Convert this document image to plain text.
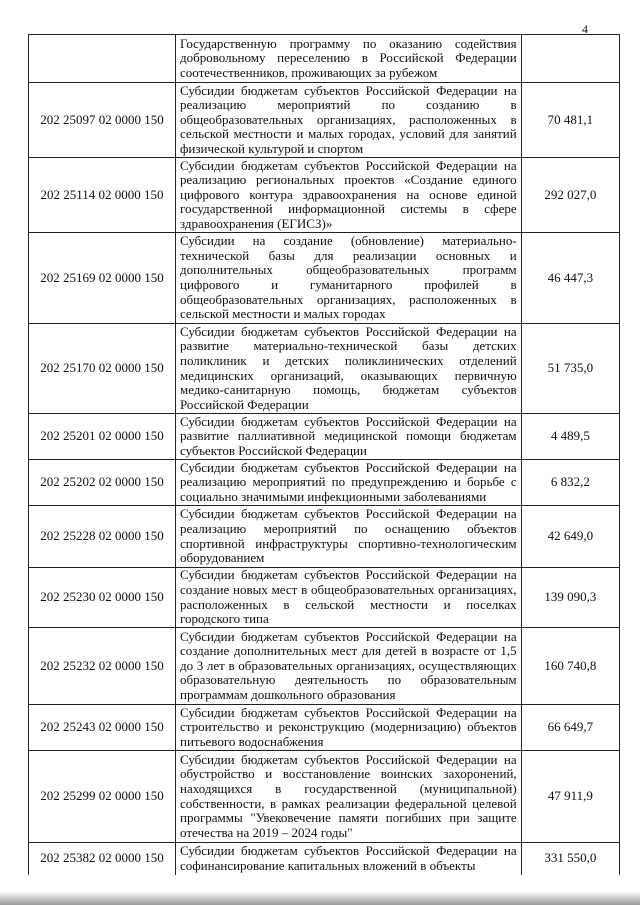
4
	Государственную программу по оказанию содействия добровольному переселению в Российской Федерации соотечественников, проживающих за рубежом	
202 25097 02 0000 150	Субсидии бюджетам субъектов Российской Федерации на реализацию мероприятий по созданию в общеобразовательных организациях, расположенных в сельской местности и малых городах, условий для занятий физической культурой и спортом	70 481,1
202 25114 02 0000 150	Субсидии бюджетам субъектов Российской Федерации на реализацию региональных проектов «Создание единого цифрового контура здравоохранения на основе единой государственной информационной системы в сфере здравоохранения (ЕГИСЗ)»	292 027,0
202 25169 02 0000 150	Субсидии на создание (обновление) материально-технической базы для реализации основных и дополнительных общеобразовательных программ цифрового и гуманитарного профилей в общеобразовательных организациях, расположенных в сельской местности и малых городах	46 447,3
202 25170 02 0000 150	Субсидии бюджетам субъектов Российской Федерации на развитие материально-технической базы детских поликлиник и детских поликлинических отделений медицинских организаций, оказывающих первичную медико-санитарную помощь, бюджетам субъектов Российской Федерации	51 735,0
202 25201 02 0000 150	Субсидии бюджетам субъектов Российской Федерации на развитие паллиативной медицинской помощи бюджетам субъектов Российской Федерации	4 489,5
202 25202 02 0000 150	Субсидии бюджетам субъектов Российской Федерации на реализацию мероприятий по предупреждению и борьбе с социально значимыми инфекционными заболеваниями	6 832,2
202 25228 02 0000 150	Субсидии бюджетам субъектов Российской Федерации на реализацию мероприятий по оснащению объектов спортивной инфраструктуры спортивно-технологическим оборудованием	42 649,0
202 25230 02 0000 150	Субсидии бюджетам субъектов Российской Федерации на создание новых мест в общеобразовательных организациях, расположенных в сельской местности и поселках городского типа	139 090,3
202 25232 02 0000 150	Субсидии бюджетам субъектов Российской Федерации на создание дополнительных мест для детей в возрасте от 1,5 до 3 лет в образовательных организациях, осуществляющих образовательную деятельность по образовательным программам дошкольного образования	160 740,8
202 25243 02 0000 150	Субсидии бюджетам субъектов Российской Федерации на строительство и реконструкцию (модернизацию) объектов питьевого водоснабжения	66 649,7
202 25299 02 0000 150	Субсидии бюджетам субъектов Российской Федерации на обустройство и восстановление воинских захоронений, находящихся в государственной (муниципальной) собственности, в рамках реализации федеральной целевой программы "Увековечение памяти погибших при защите отечества на 2019 – 2024 годы"	47 911,9
202 25382 02 0000 150	Субсидии бюджетам субъектов Российской Федерации на софинансирование капитальных вложений в объекты	331 550,0
